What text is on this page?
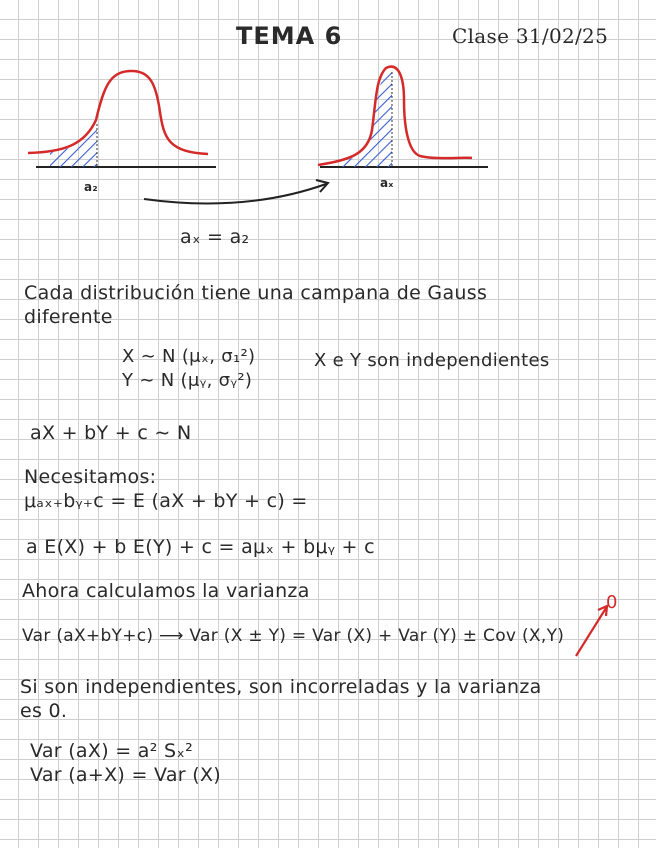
TEMA 6	Clase 31/02/25
a₂	aₓ
aₓ = a₂
Cada distribución tiene una campana de Gauss
diferente
X ∼ N (μₓ, σ₁²)
Y ∼ N (μᵧ, σᵧ²)
X e Y son independientes
aX + bY + c ∼ N
Necesitamos:
μₐₓ₊bᵧ₊c = E (aX + bY + c) =
a E(X) + b E(Y) + c = aμₓ + bμᵧ + c
Ahora calculamos la varianza
Var (aX+bY+c) ⟶ Var (X ± Y) = Var (X) + Var (Y) ± Cov (X,Y)
0
Si son independientes, son incorreladas y la varianza
es 0.
Var (aX) = a² Sₓ²
Var (a+X) = Var (X)
